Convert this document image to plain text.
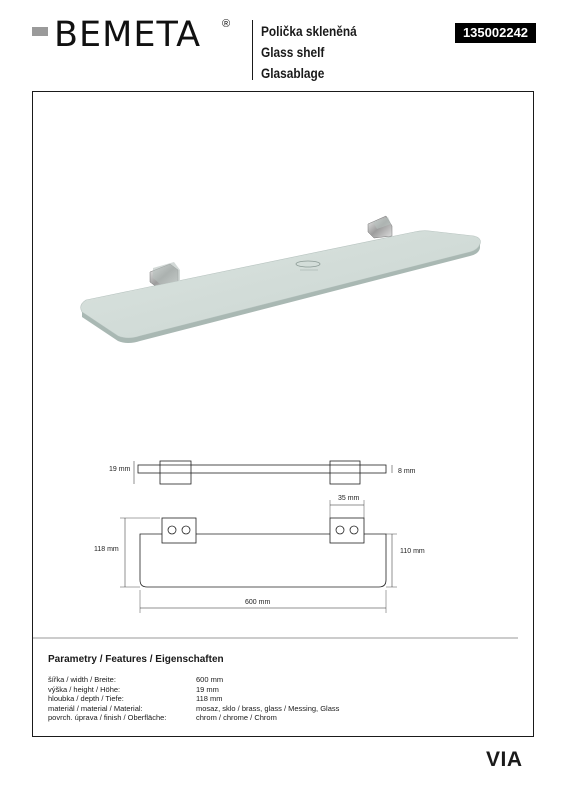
BEMETA ® Polička skleněná
Glass shelf
Glasablage
135002242
19 mm	8 mm
118 mm	110 mm
35 mm
600 mm
Parametry / Features / Eigenschaften
šířka / width / Breite:	600 mm
výška / height / Höhe:	19 mm
hloubka / depth / Tiefe:	118 mm
materiál / material / Material:	mosaz, sklo / brass, glass / Messing, Glass
povrch. úprava / finish / Oberfläche:	chrom / chrome / Chrom
VIA
